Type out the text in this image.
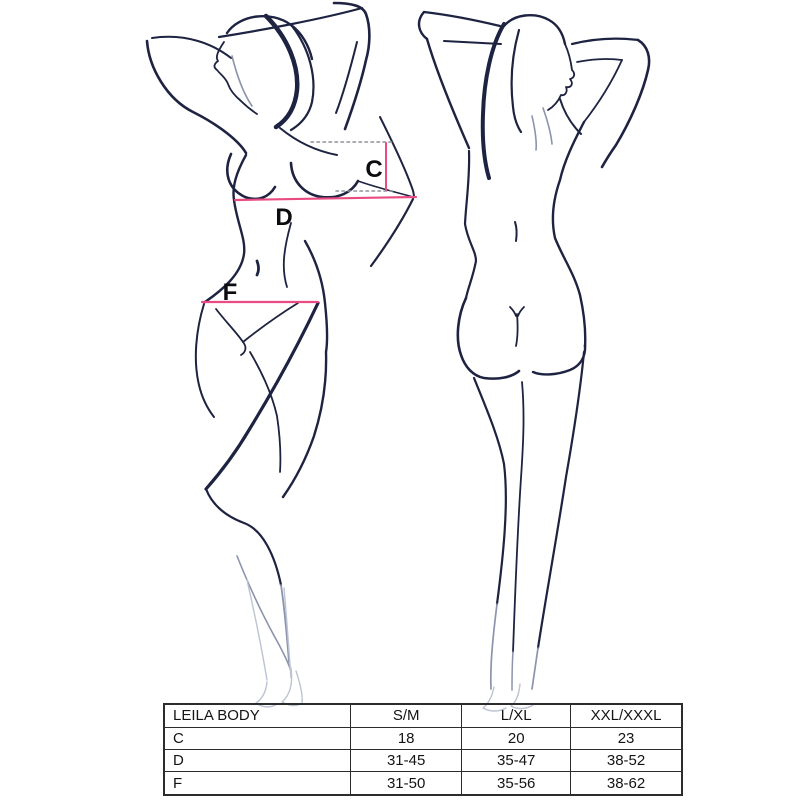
C
D
F
LEILA BODY	S/M	L/XL	XXL/XXXL
C	18	20	23
D	31-45	35-47	38-52
F	31-50	35-56	38-62
